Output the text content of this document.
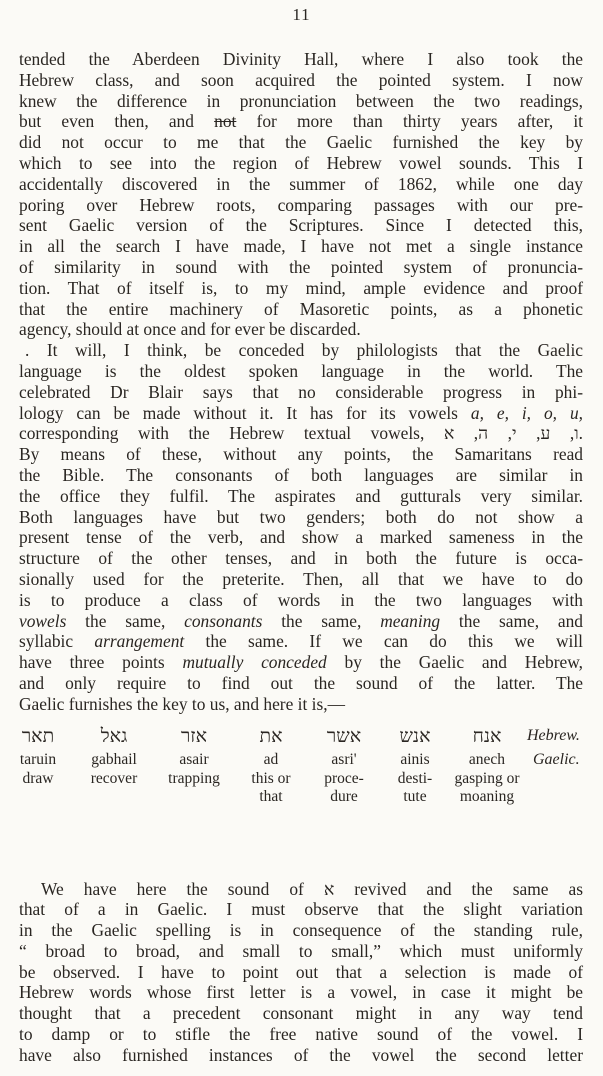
11
tended the Aberdeen Divinity Hall, where I also took the
Hebrew class, and soon acquired the pointed system. I now
knew the difference in pronunciation between the two readings,
but even then, and not for more than thirty years after, it
did not occur to me that the Gaelic furnished the key by
which to see into the region of Hebrew vowel sounds. This I
accidentally discovered in the summer of 1862, while one day
poring over Hebrew roots, comparing passages with our pre-
sent Gaelic version of the Scriptures. Since I detected this,
in all the search I have made, I have not met a single instance
of similarity in sound with the pointed system of pronuncia-
tion. That of itself is, to my mind, ample evidence and proof
that the entire machinery of Masoretic points, as a phonetic
agency, should at once and for ever be discarded.
. It will, I think, be conceded by philologists that the Gaelic
language is the oldest spoken language in the world. The
celebrated Dr Blair says that no considerable progress in phi-
lology can be made without it. It has for its vowels a, e, i, o, u,
corresponding with the Hebrew textual vowels, ו, ע, י, ה, א.
By means of these, without any points, the Samaritans read
the Bible. The consonants of both languages are similar in
the office they fulfil. The aspirates and gutturals very similar.
Both languages have but two genders; both do not show a
present tense of the verb, and show a marked sameness in the
structure of the other tenses, and in both the future is occa-
sionally used for the preterite. Then, all that we have to do
is to produce a class of words in the two languages with
vowels the same, consonants the same, meaning the same, and
syllabic arrangement the same. If we can do this we will
have three points mutually conceded by the Gaelic and Hebrew,
and only require to find out the sound of the latter. The
Gaelic furnishes the key to us, and here it is,—
תאר
taruin
draw
גאל
gabhail
recover
אזר
asair
trapping
את
ad
this or
that
אשר
asri'
proce-
dure
אנש
ainis
desti-
tute
אנח
anech
gasping or
moaning
Hebrew.
Gaelic.
We have here the sound of א revived and the same as
that of a in Gaelic. I must observe that the slight variation
in the Gaelic spelling is in consequence of the standing rule,
“ broad to broad, and small to small,” which must uniformly
be observed. I have to point out that a selection is made of
Hebrew words whose first letter is a vowel, in case it might be
thought that a precedent consonant might in any way tend
to damp or to stifle the free native sound of the vowel. I
have also furnished instances of the vowel the second letter
